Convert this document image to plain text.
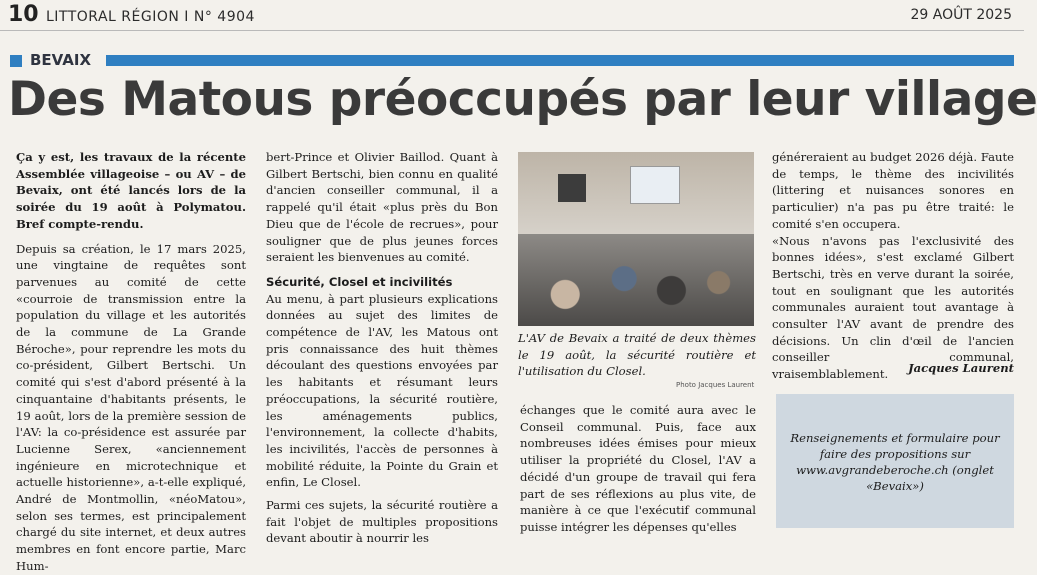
10 LITTORAL RÉGION I N° 4904	29 AOÛT 2025
BEVAIX
Des Matous préoccupés par leur village

Ça y est, les travaux de la récente Assemblée villageoise – ou AV – de Bevaix, ont été lancés lors de la soirée du 19 août à Polymatou. Bref compte-rendu.

Depuis sa création, le 17 mars 2025, une vingtaine de requêtes sont parvenues au comité de cette «courroie de transmission entre la population du village et les autorités de la commune de La Grande Béroche», pour reprendre les mots du co-président, Gilbert Bertschi. Un comité qui s'est d'abord présenté à la cinquantaine d'habitants présents, le 19 août, lors de la première session de l'AV: la co-présidence est assurée par Lucienne Serex, «anciennement ingénieure en microtechnique et actuelle historienne», a-t-elle expliqué, André de Montmollin, «néoMatou», selon ses termes, est principalement chargé du site internet, et deux autres membres en font encore partie, Marc Hum-

bert-Prince et Olivier Baillod. Quant à Gilbert Bertschi, bien connu en qualité d'ancien conseiller communal, il a rappelé qu'il était «plus près du Bon Dieu que de l'école de recrues», pour souligner que de plus jeunes forces seraient les bienvenues au comité.

Sécurité, Closel et incivilités

Au menu, à part plusieurs explications données au sujet des limites de compétence de l'AV, les Matous ont pris connaissance des huit thèmes découlant des questions envoyées par les habitants et résumant leurs préoccupations, la sécurité routière, les aménagements publics, l'environnement, la collecte d'habits, les incivilités, l'accès de personnes à mobilité réduite, la Pointe du Grain et enfin, Le Closel.

Parmi ces sujets, la sécurité routière a fait l'objet de multiples propositions devant aboutir à nourrir les

L'AV de Bevaix a traité de deux thèmes le 19 août, la sécurité routière et l'utilisation du Closel.
Photo Jacques Laurent

échanges que le comité aura avec le Conseil communal. Puis, face aux nombreuses idées émises pour mieux utiliser la propriété du Closel, l'AV a décidé d'un groupe de travail qui fera part de ses réflexions au plus vite, de manière à ce que l'exécutif communal puisse intégrer les dépenses qu'elles

généreraient au budget 2026 déjà. Faute de temps, le thème des incivilités (littering et nuisances sonores en particulier) n'a pas pu être traité: le comité s'en occupera.

«Nous n'avons pas l'exclusivité des bonnes idées», s'est exclamé Gilbert Bertschi, très en verve durant la soirée, tout en soulignant que les autorités communales auraient tout avantage à consulter l'AV avant de prendre des décisions. Un clin d'œil de l'ancien conseiller communal, vraisemblablement.	Jacques Laurent
Renseignements et formulaire pour faire des propositions sur www.avgrandeberoche.ch (onglet «Bevaix»)
